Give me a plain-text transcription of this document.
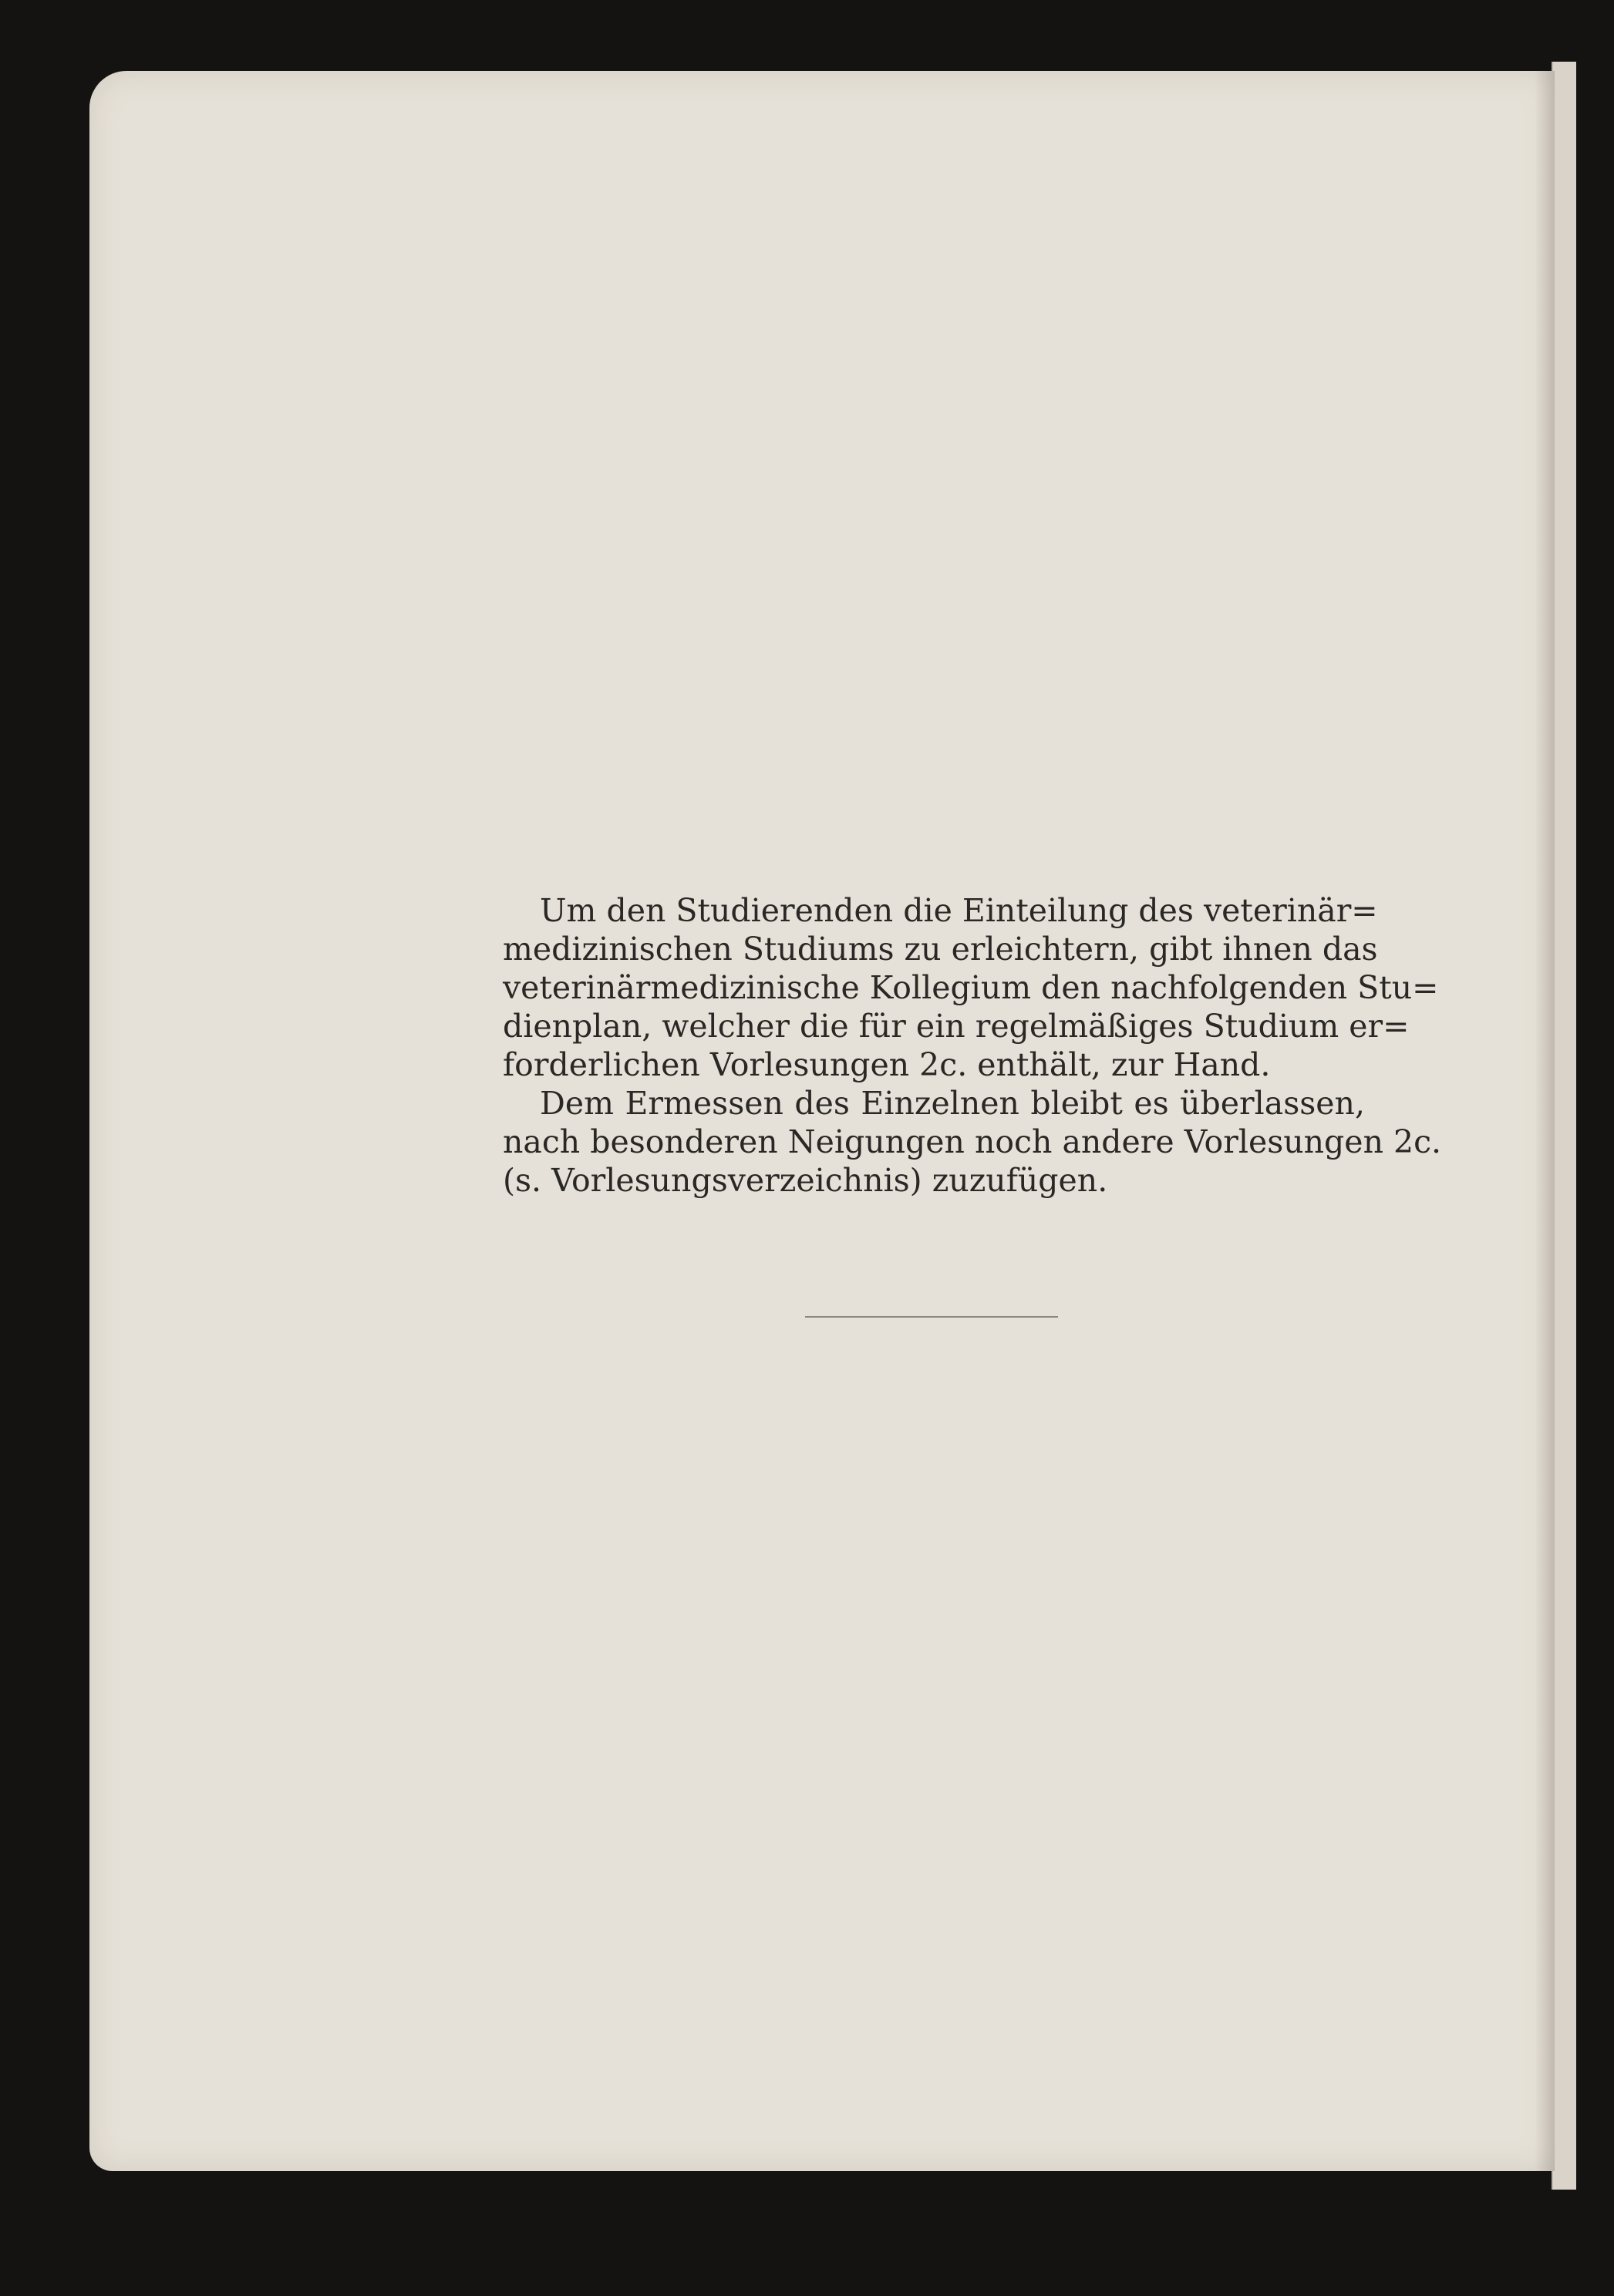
Um den Studierenden die Einteilung des veterinär=
medizinischen Studiums zu erleichtern, gibt ihnen das
veterinärmedizinische Kollegium den nachfolgenden Stu=
dienplan, welcher die für ein regelmäßiges Studium er=
forderlichen Vorlesungen 2c. enthält, zur Hand.

Dem Ermessen des Einzelnen bleibt es überlassen,
nach besonderen Neigungen noch andere Vorlesungen 2c.
(s. Vorlesungsverzeichnis) zuzufügen.
